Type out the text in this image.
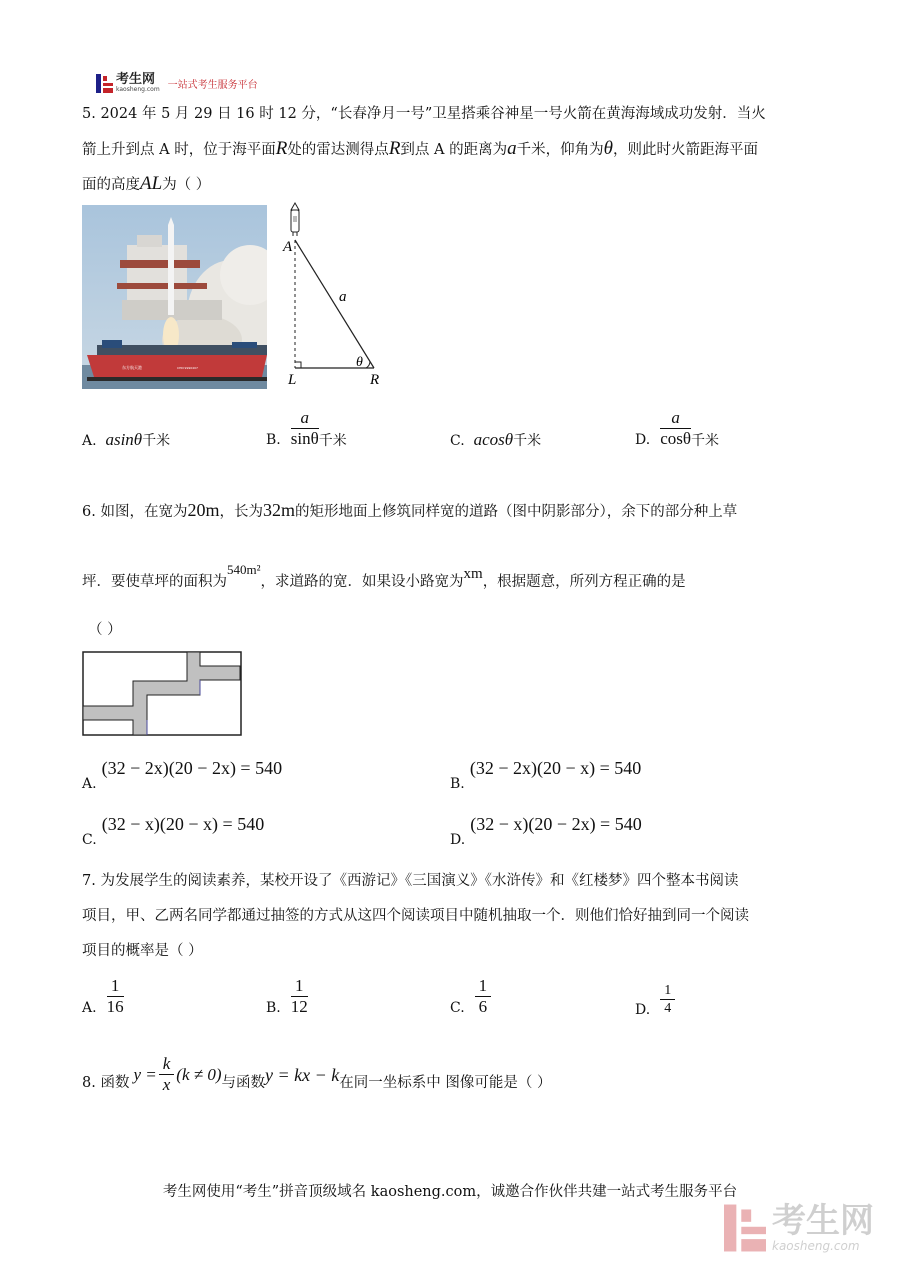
考生网
kaosheng.com 一站式考生服务平台
5. 2024 年 5 月 29 日 16 时 12 分，“长春净月一号”卫星搭乘谷神星一号火箭在黄海海域成功发射．当火
箭上升到点 A 时，位于海平面R处的雷达测得点R到点 A 的距离为a千米，仰角为θ，则此时火箭距海平面
面的高度AL为（ ）
东方航天港	CHN 9990407
A
a
θ
L	R
A. asinθ千米	B. $\frac{a}{\sin\theta}$ 千米	C. acosθ千米	D. $\frac{a}{\cos\theta}$ 千米
6. 如图，在宽为20m，长为32m的矩形地面上修筑同样宽的道路（图中阴影部分），余下的部分种上草
坪．要使草坪的面积为540m²，求道路的宽．如果设小路宽为xm，根据题意，所列方程正确的是
（ ）
A. (32 − 2x)(20 − 2x) = 540
B. (32 − 2x)(20 − x) = 540
C. (32 − x)(20 − x) = 540
D. (32 − x)(20 − 2x) = 540
7. 为发展学生的阅读素养，某校开设了《西游记》《三国演义》《水浒传》和《红楼梦》四个整本书阅读
项目，甲、乙两名同学都通过抽签的方式从这四个阅读项目中随机抽取一个．则他们恰好抽到同一个阅读
项目的概率是（ ）
A. $\frac{1}{16}$	B. $\frac{1}{12}$	C. $\frac{1}{6}$	D. $\frac{1}{4}$
8. 函数 $y = \frac{k}{x} (k \ne 0)$ 与函数 y = kx − k 在同一坐标系中 图像可能是（ ）
考生网使用“考生”拼音顶级域名 kaosheng.com，诚邀合作伙伴共建一站式考生服务平台
考生网
kaosheng.com
